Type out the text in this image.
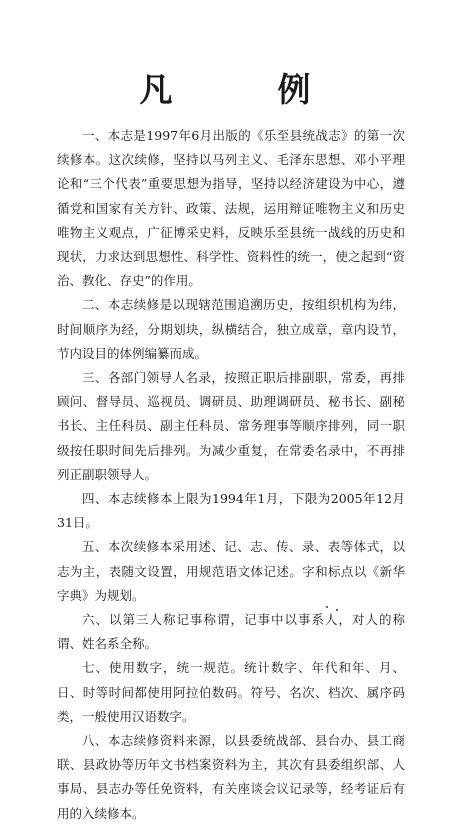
凡　例

一、本志是1997年6月出版的《乐至县统战志》的第一次续修本。这次续修，坚持以马列主义、毛泽东思想、邓小平理论和“三个代表”重要思想为指导，坚持以经济建设为中心，遵循党和国家有关方针、政策、法规，运用辩证唯物主义和历史唯物主义观点，广征博采史料，反映乐至县统一战线的历史和现状，力求达到思想性、科学性、资料性的统一，使之起到“资治、教化、存史”的作用。

二、本志续修是以现辖范围追溯历史，按组织机构为纬，时间顺序为经，分期划块，纵横结合，独立成章，章内设节，节内设目的体例编纂而成。

三、各部门领导人名录，按照正职后排副职，常委，再排顾问、督导员、巡视员、调研员、助理调研员、秘书长、副秘书长、主任科员、副主任科员、常务理事等顺序排列，同一职级按任职时间先后排列。为减少重复，在常委名录中，不再排列正副职领导人。

四、本志续修本上限为1994年1月，下限为2005年12月31日。

五、本次续修本采用述、记、志、传、录、表等体式，以志为主，表随文设置，用规范语文体记述。字和标点以《新华字典》为规划。

六、以第三人称记事称谓，记事中以事系人，对人的称谓、姓名系全称。

七、使用数字，统一规范。统计数字、年代和年、月、日、时等时间都使用阿拉伯数码。符号、名次、档次、属序码类，一般使用汉语数字。

八、本志续修资料来源，以县委统战部、县台办、县工商联、县政协等历年文书档案资料为主，其次有县委组织部、人事局、县志办等任免资料，有关座谈会议记录等，经考证后有用的入续修本。
